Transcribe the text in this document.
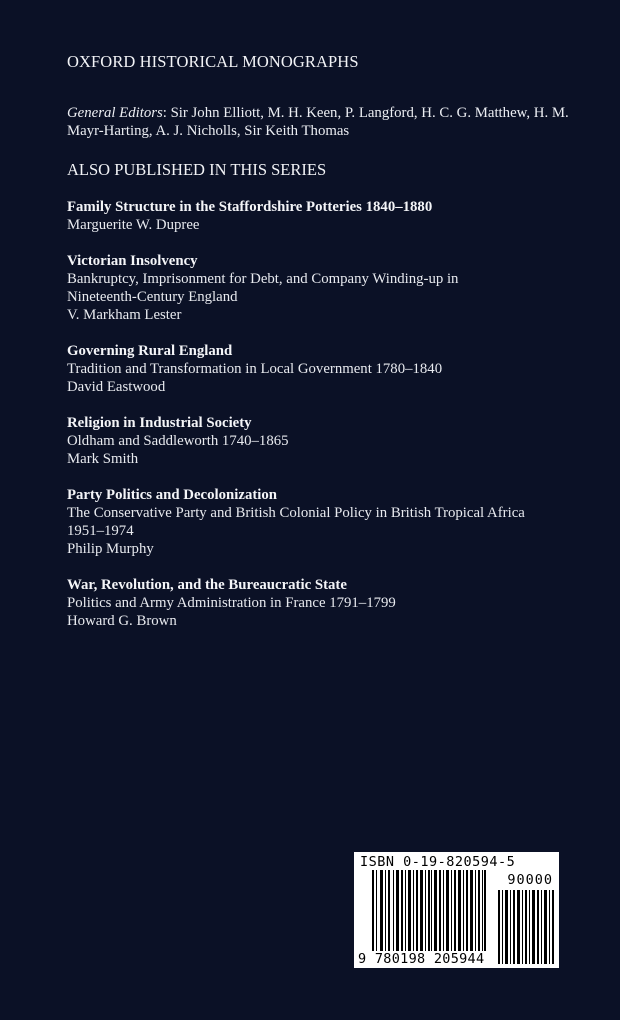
OXFORD HISTORICAL MONOGRAPHS
General Editors: Sir John Elliott, M. H. Keen, P. Langford, H. C. G. Matthew, H. M. Mayr-Harting, A. J. Nicholls, Sir Keith Thomas
ALSO PUBLISHED IN THIS SERIES
Family Structure in the Staffordshire Potteries 1840–1880
Marguerite W. Dupree
Victorian Insolvency
Bankruptcy, Imprisonment for Debt, and Company Winding-up in
Nineteenth-Century England
V. Markham Lester
Governing Rural England
Tradition and Transformation in Local Government 1780–1840
David Eastwood
Religion in Industrial Society
Oldham and Saddleworth 1740–1865
Mark Smith
Party Politics and Decolonization
The Conservative Party and British Colonial Policy in British Tropical Africa
1951–1974
Philip Murphy
War, Revolution, and the Bureaucratic State
Politics and Army Administration in France 1791–1799
Howard G. Brown
ISBN 0-19-820594-5
90000
9 780198 205944
